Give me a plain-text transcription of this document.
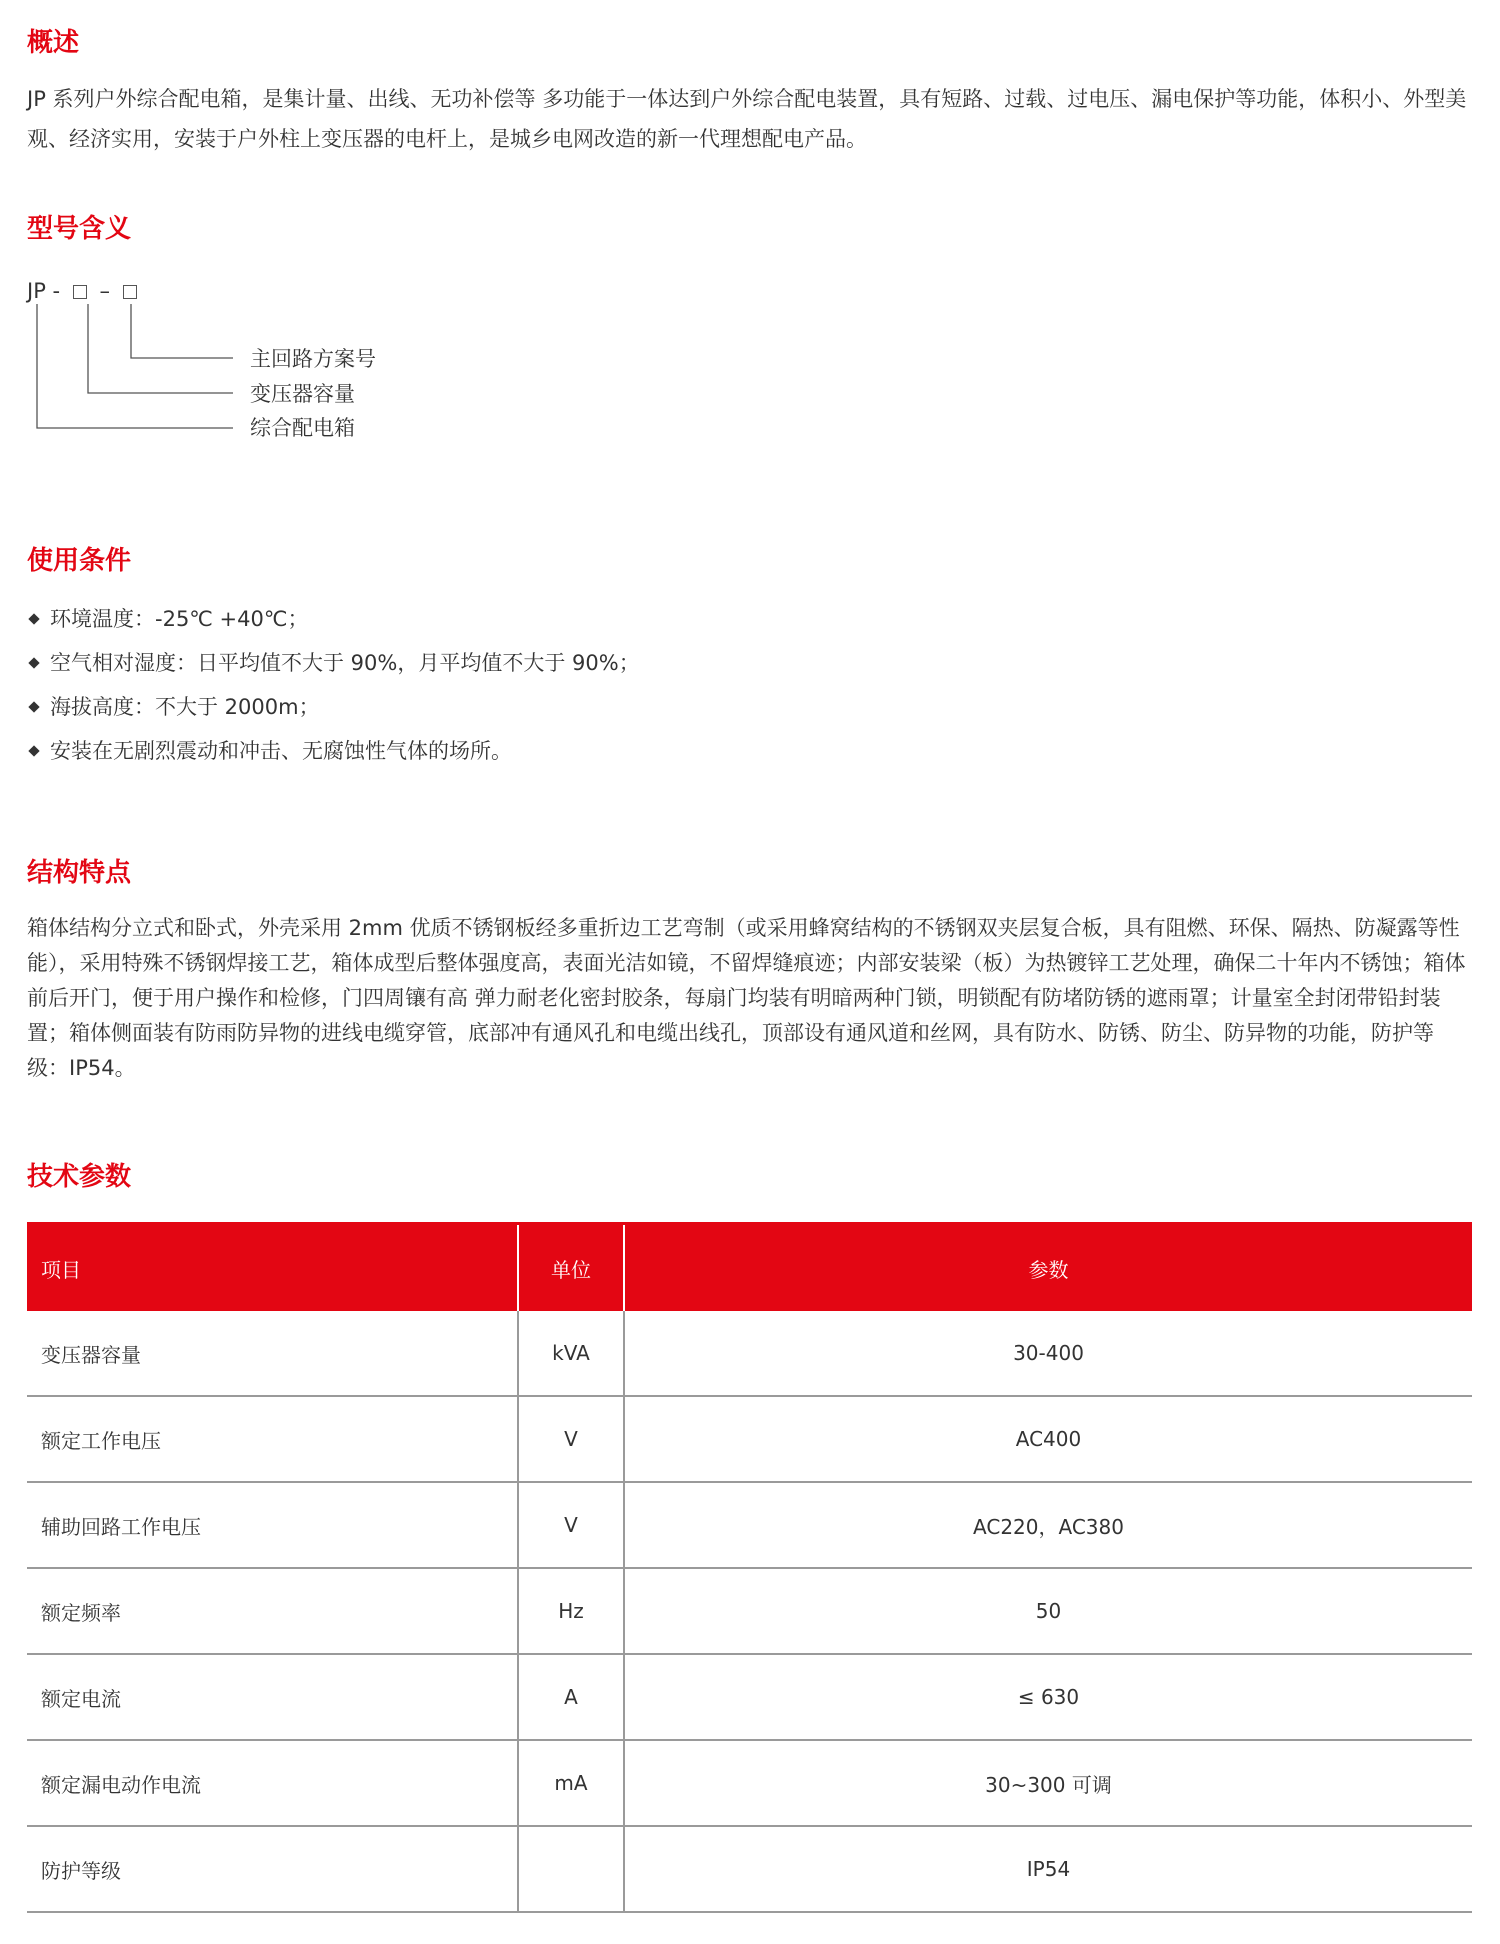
概述

JP 系列户外综合配电箱，是集计量、出线、无功补偿等 多功能于一体达到户外综合配电装置，具有短路、过载、过电压、漏电保护等功能，体积小、外型美观、经济实用，安装于户外柱上变压器的电杆上，是城乡电网改造的新一代理想配电产品。

型号含义
JP - –
主回路方案号
变压器容量
综合配电箱
使用条件
环境温度：-25℃ +40℃；
空气相对湿度：日平均值不大于 90%，月平均值不大于 90%；
海拔高度：不大于 2000m；
安装在无剧烈震动和冲击、无腐蚀性气体的场所。
结构特点

箱体结构分立式和卧式，外壳采用 2mm 优质不锈钢板经多重折边工艺弯制（或采用蜂窝结构的不锈钢双夹层复合板，具有阻燃、环保、隔热、防凝露等性能），采用特殊不锈钢焊接工艺，箱体成型后整体强度高，表面光洁如镜，不留焊缝痕迹；内部安装梁（板）为热镀锌工艺处理，确保二十年内不锈蚀；箱体前后开门，便于用户操作和检修，门四周镶有高 弹力耐老化密封胶条，每扇门均装有明暗两种门锁，明锁配有防堵防锈的遮雨罩；计量室全封闭带铅封装置；箱体侧面装有防雨防异物的进线电缆穿管，底部冲有通风孔和电缆出线孔，顶部设有通风道和丝网，具有防水、防锈、防尘、防异物的功能，防护等级：IP54。

技术参数
项目	单位	参数
变压器容量	kVA	30-400
额定工作电压	V	AC400
辅助回路工作电压	V	AC220，AC380
额定频率	Hz	50
额定电流	A	≤ 630
额定漏电动作电流	mA	30~300 可调
防护等级		IP54
